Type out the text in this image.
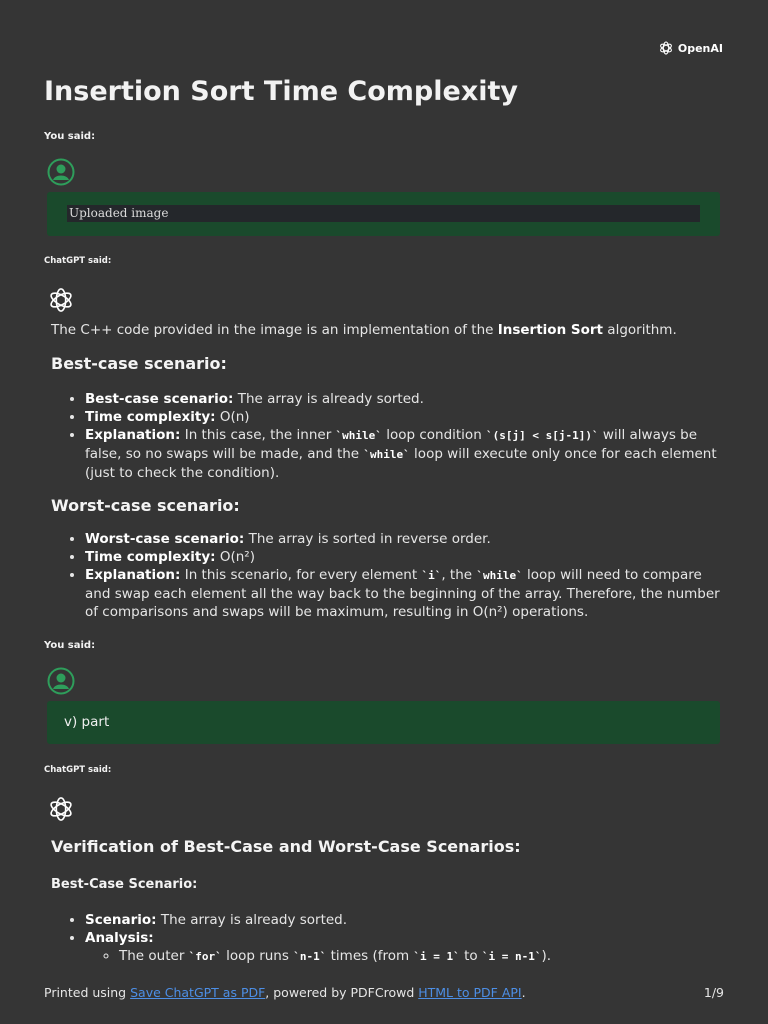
OpenAI
Insertion Sort Time Complexity
You said:
Uploaded image
ChatGPT said:

The C++ code provided in the image is an implementation of the Insertion Sort algorithm.

Best-case scenario:

• Best-case scenario: The array is already sorted.
• Time complexity: O(n)
• Explanation: In this case, the inner `while` loop condition `(s[j] < s[j-1])` will always be false, so no swaps will be made, and the `while` loop will execute only once for each element (just to check the condition).

Worst-case scenario:

• Worst-case scenario: The array is sorted in reverse order.
• Time complexity: O(n²)
• Explanation: In this scenario, for every element `i`, the `while` loop will need to compare and swap each element all the way back to the beginning of the array. Therefore, the number of comparisons and swaps will be maximum, resulting in O(n²) operations.
You said:
v) part
ChatGPT said:

Verification of Best-Case and Worst-Case Scenarios:

Best-Case Scenario:

• Scenario: The array is already sorted.
• Analysis:
◦ The outer `for` loop runs `n-1` times (from `i = 1` to `i = n-1`).
Printed using Save ChatGPT as PDF, powered by PDFCrowd HTML to PDF API.	1/9
